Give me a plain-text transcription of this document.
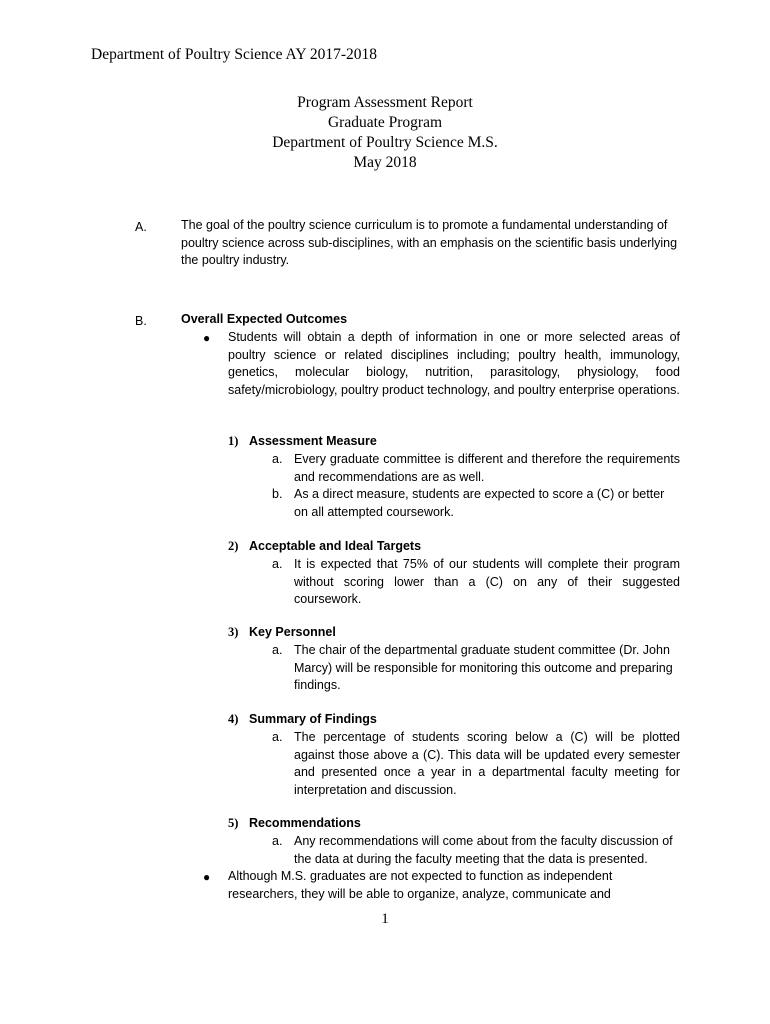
Department of Poultry Science AY 2017-2018
Program Assessment Report
Graduate Program
Department of Poultry Science M.S.
May 2018
A.	The goal of the poultry science curriculum is to promote a fundamental understanding of poultry science across sub-disciplines, with an emphasis on the scientific basis underlying the poultry industry.
B.	Overall Expected Outcomes
● Students will obtain a depth of information in one or more selected areas of poultry science or related disciplines including; poultry health, immunology, genetics, molecular biology, nutrition, parasitology, physiology, food safety/microbiology, poultry product technology, and poultry enterprise operations.
1) Assessment Measure
a. Every graduate committee is different and therefore the requirements and recommendations are as well.
b. As a direct measure, students are expected to score a (C) or better on all attempted coursework.
2) Acceptable and Ideal Targets
a. It is expected that 75% of our students will complete their program without scoring lower than a (C) on any of their suggested coursework.
3) Key Personnel
a. The chair of the departmental graduate student committee (Dr. John Marcy) will be responsible for monitoring this outcome and preparing findings.
4) Summary of Findings
a. The percentage of students scoring below a (C) will be plotted against those above a (C). This data will be updated every semester and presented once a year in a departmental faculty meeting for interpretation and discussion.
5) Recommendations
a. Any recommendations will come about from the faculty discussion of the data at during the faculty meeting that the data is presented.
● Although M.S. graduates are not expected to function as independent researchers, they will be able to organize, analyze, communicate and
1
